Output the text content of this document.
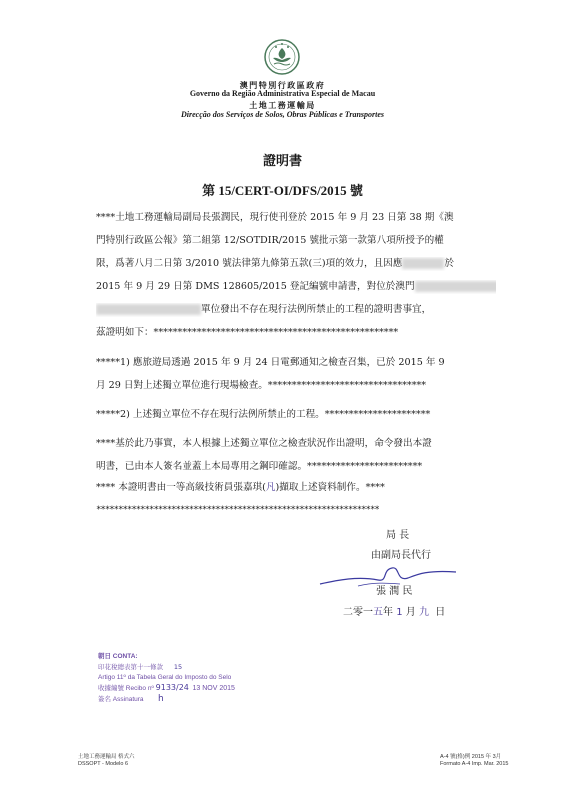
澳門特別行政區政府
Governo da Região Administrativa Especial de Macau
土地工務運輸局
Direcção dos Serviços de Solos, Obras Públicas e Transportes
證明書
第 15/CERT-OI/DFS/2015 號
****土地工務運輸局副局長張潤民，現行使刊登於 2015 年 9 月 23 日第 38 期《澳
門特別行政區公報》第二組第 12/SOTDIR/2015 號批示第一款第八項所授予的權
限，爲著八月二日第 3/2010 號法律第九條第五款(三)項的效力，且因應	於
2015 年 9 月 29 日第 DMS 128605/2015 登記編號申請書，對位於澳門
單位發出不存在現行法例所禁止的工程的證明書事宜，
茲證明如下：***************************************************
*****1) 應旅遊局透過 2015 年 9 月 24 日電郵通知之檢查召集，已於 2015 年 9
月 29 日對上述獨立單位進行現場檢查。*********************************
*****2) 上述獨立單位不存在現行法例所禁止的工程。**********************
****基於此乃事實，本人根據上述獨立單位之檢查狀況作出證明，命令發出本證
明書，已由本人簽名並蓋上本局專用之鋼印確認。************************
**** 本證明書由一等高級技術員張嘉琪(凡)擷取上述資料制作。****
****************************************************************
局 長
由副局長代行
張 潤 民
二零一五年 1 月 九 日
朝日 CONTA:
印花稅總表第十一條款 15
Artigo 11º da Tabela Geral do Imposto do Selo
收據編號 Recibo nº 9133/24 13 NOV 2015
簽名 Assinatura h
土地工務運輸局 格式六
DSSOPT - Modelo 6
A-4 號(格)例 2015 年 3月
Formato A-4 Imp. Mar. 2015
